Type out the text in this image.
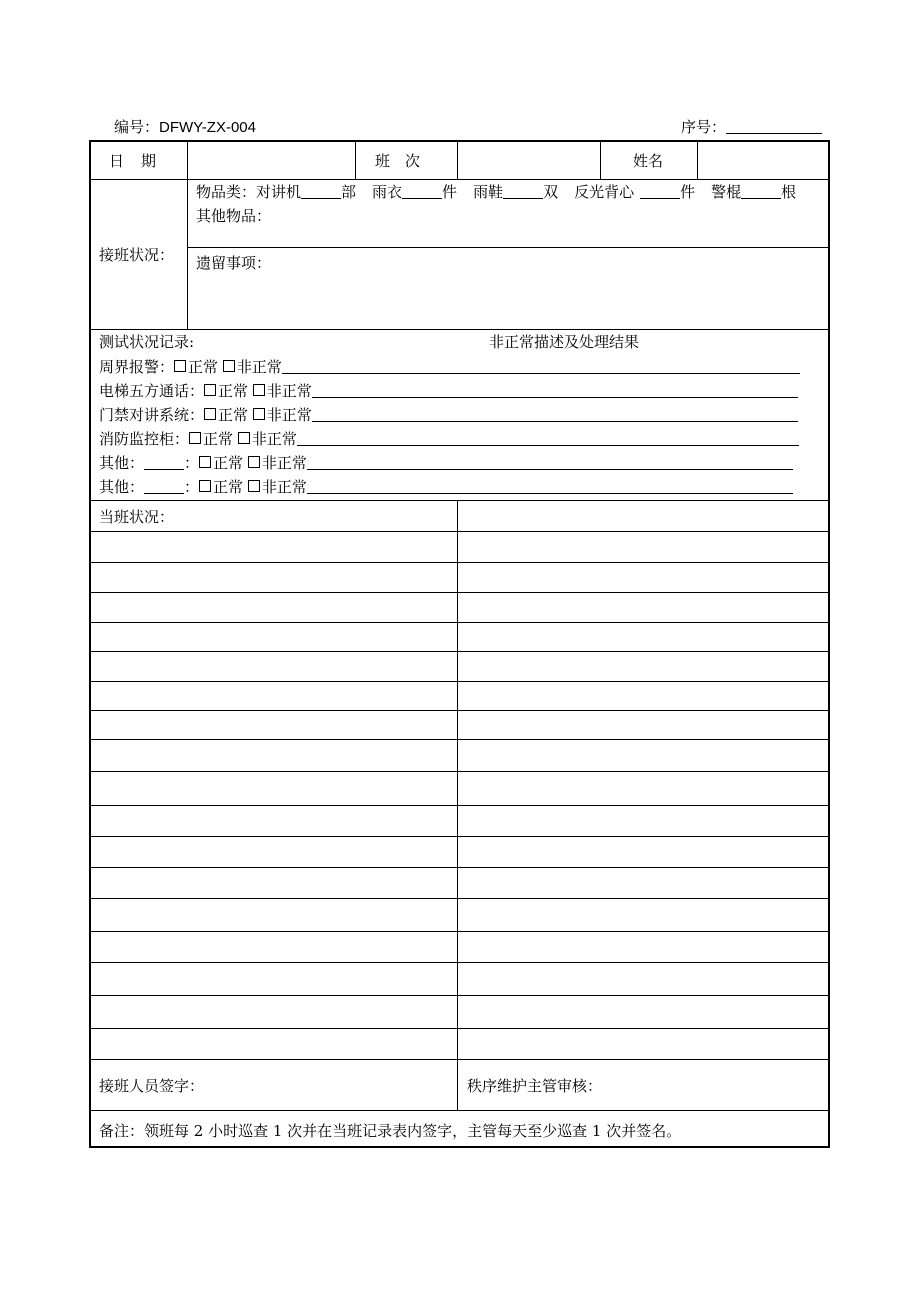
编号：DFWY-ZX-004	序号：
日　期	班　次	姓名
接班状况：
物品类：对讲机	部 雨衣	件 雨鞋	双 反光背心	件 警棍	根
其他物品：
遗留事项：
测试状况记录:	非正常描述及处理结果
周界报警： 正常 非正常
电梯五方通话： 正常 非正常
门禁对讲系统： 正常 非正常
消防监控柜： 正常 非正常
其他：	： 正常 非正常
其他：	： 正常 非正常
当班状况：
接班人员签字：	秩序维护主管审核：
备注：领班每 2 小时巡查 1 次并在当班记录表内签字，主管每天至少巡查 1 次并签名。
